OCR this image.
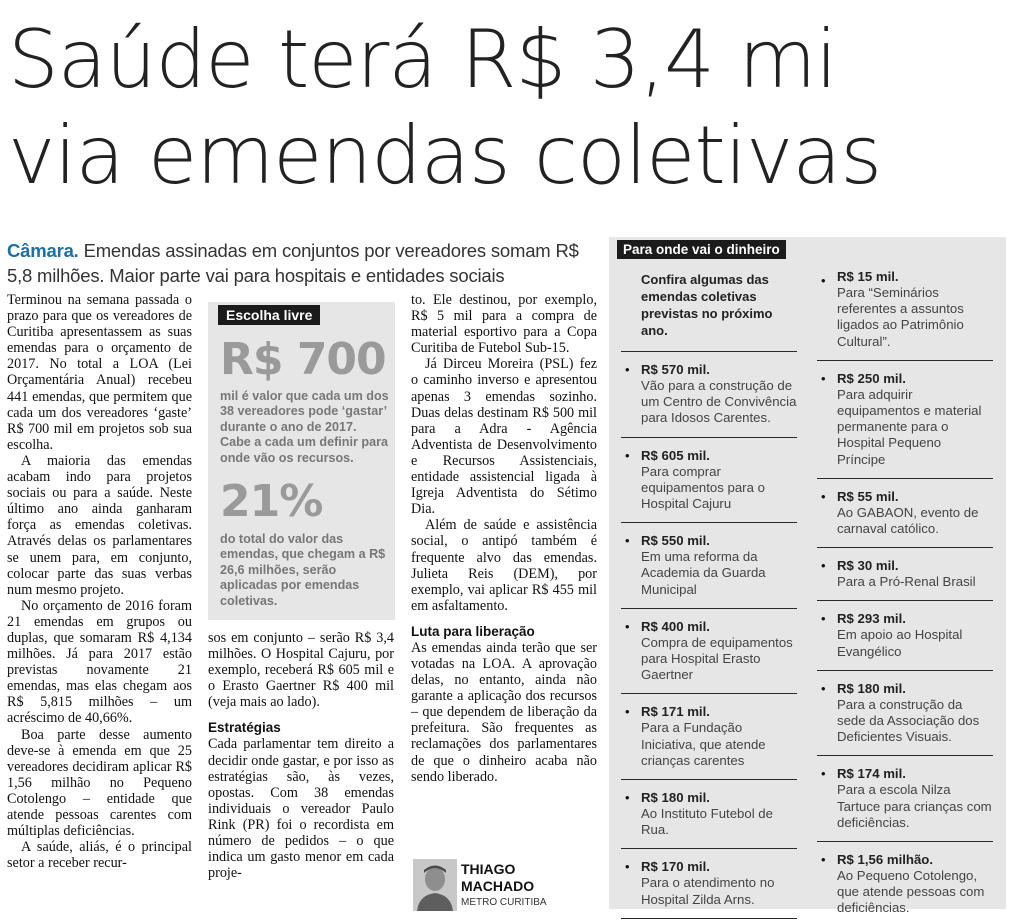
Saúde terá R$ 3,4 mi
via emendas coletivas
Câmara. Emendas assinadas em conjuntos por vereadores somam R$ 5,8 milhões. Maior parte vai para hospitais e entidades sociais

Terminou na semana passada o prazo para que os vereadores de Curitiba apresentassem as suas emendas para o orçamento de 2017. No total a LOA (Lei Orçamentária Anual) recebeu 441 emendas, que permitem que cada um dos vereadores ‘gaste’ R$ 700 mil em projetos sob sua escolha.

A maioria das emendas acabam indo para projetos sociais ou para a saúde. Neste último ano ainda ganharam força as emendas coletivas. Através delas os parlamentares se unem para, em conjunto, colocar parte das suas verbas num mesmo projeto.

No orçamento de 2016 foram 21 emendas em grupos ou duplas, que somaram R$ 4,134 milhões. Já para 2017 estão previstas novamente 21 emendas, mas elas chegam aos R$ 5,815 milhões – um acréscimo de 40,66%.

Boa parte desse aumento deve-se à emenda em que 25 vereadores decidiram aplicar R$ 1,56 milhão no Pequeno Cotolengo – entidade que atende pessoas carentes com múltiplas deficiências.

A saúde, aliás, é o principal setor a receber recur-

Escolha livre
R$ 700
mil é valor que cada um dos 38 vereadores pode ‘gastar’ durante o ano de 2017. Cabe a cada um definir para onde vão os recursos.
21%
do total do valor das emendas, que chegam a R$ 26,6 milhões, serão aplicadas por emendas coletivas.

sos em conjunto – serão R$ 3,4 milhões. O Hospital Cajuru, por exemplo, receberá R$ 605 mil e o Erasto Gaertner R$ 400 mil (veja mais ao lado).

Estratégias

Cada parlamentar tem direito a decidir onde gastar, e por isso as estratégias são, às vezes, opostas. Com 38 emendas individuais o vereador Paulo Rink (PR) foi o recordista em número de pedidos – o que indica um gasto menor em cada proje-

to. Ele destinou, por exemplo, R$ 5 mil para a compra de material esportivo para a Copa Curitiba de Futebol Sub-15.

Já Dirceu Moreira (PSL) fez o caminho inverso e apresentou apenas 3 emendas sozinho. Duas delas destinam R$ 500 mil para a Adra - Agência Adventista de Desenvolvimento e Recursos Assistenciais, entidade assistencial ligada à Igreja Adventista do Sétimo Dia.

Além de saúde e assistência social, o antipó também é frequente alvo das emendas. Julieta Reis (DEM), por exemplo, vai aplicar R$ 455 mil em asfaltamento.

Luta para liberação

As emendas ainda terão que ser votadas na LOA. A aprovação delas, no entanto, ainda não garante a aplicação dos recursos – que dependem de liberação da prefeitura. São frequentes as reclamações dos parlamentares de que o dinheiro acaba não sendo liberado.

THIAGO MACHADO
METRO CURITIBA
Para onde vai o dinheiro
Confira algumas das emendas coletivas previstas no próximo ano.
• R$ 570 mil.
Vão para a construção de um Centro de Convivência para Idosos Carentes.
• R$ 605 mil.
Para comprar equipamentos para o Hospital Cajuru
• R$ 550 mil.
Em uma reforma da Academia da Guarda Municipal
• R$ 400 mil.
Compra de equipamentos para Hospital Erasto Gaertner
• R$ 171 mil.
Para a Fundação Iniciativa, que atende crianças carentes
• R$ 180 mil.
Ao Instituto Futebol de Rua.
• R$ 170 mil.
Para o atendimento no Hospital Zilda Arns.
• R$ 15 mil.
Para “Seminários referentes a assuntos ligados ao Patrimônio Cultural”.
• R$ 250 mil.
Para adquirir equipamentos e material permanente para o Hospital Pequeno Príncipe
• R$ 55 mil.
Ao GABAON, evento de carnaval católico.
• R$ 30 mil.
Para a Pró-Renal Brasil
• R$ 293 mil.
Em apoio ao Hospital Evangélico
• R$ 180 mil.
Para a construção da sede da Associação dos Deficientes Visuais.
• R$ 174 mil.
Para a escola Nilza Tartuce para crianças com deficiências.
• R$ 1,56 milhão.
Ao Pequeno Cotolengo, que atende pessoas com deficiências.
